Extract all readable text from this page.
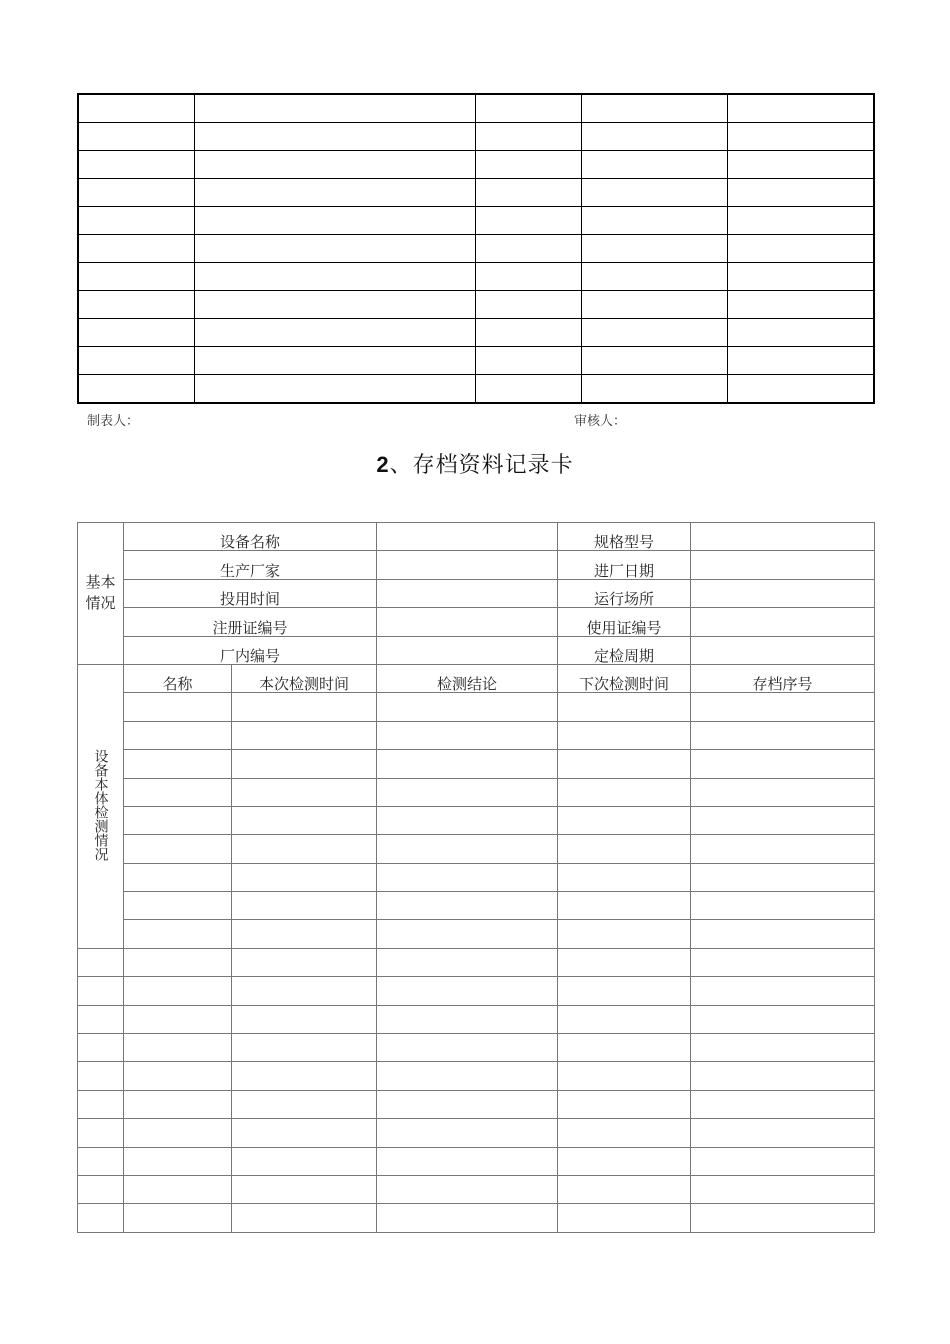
制表人：	审核人：
2、存档资料记录卡
基本
情况	设备名称			规格型号	
	生产厂家			进厂日期	
	投用时间			运行场所	
	注册证编号			使用证编号	
	厂内编号			定检周期	
设备本体检测情况	名称	本次检测时间	检测结论	下次检测时间	存档序号
